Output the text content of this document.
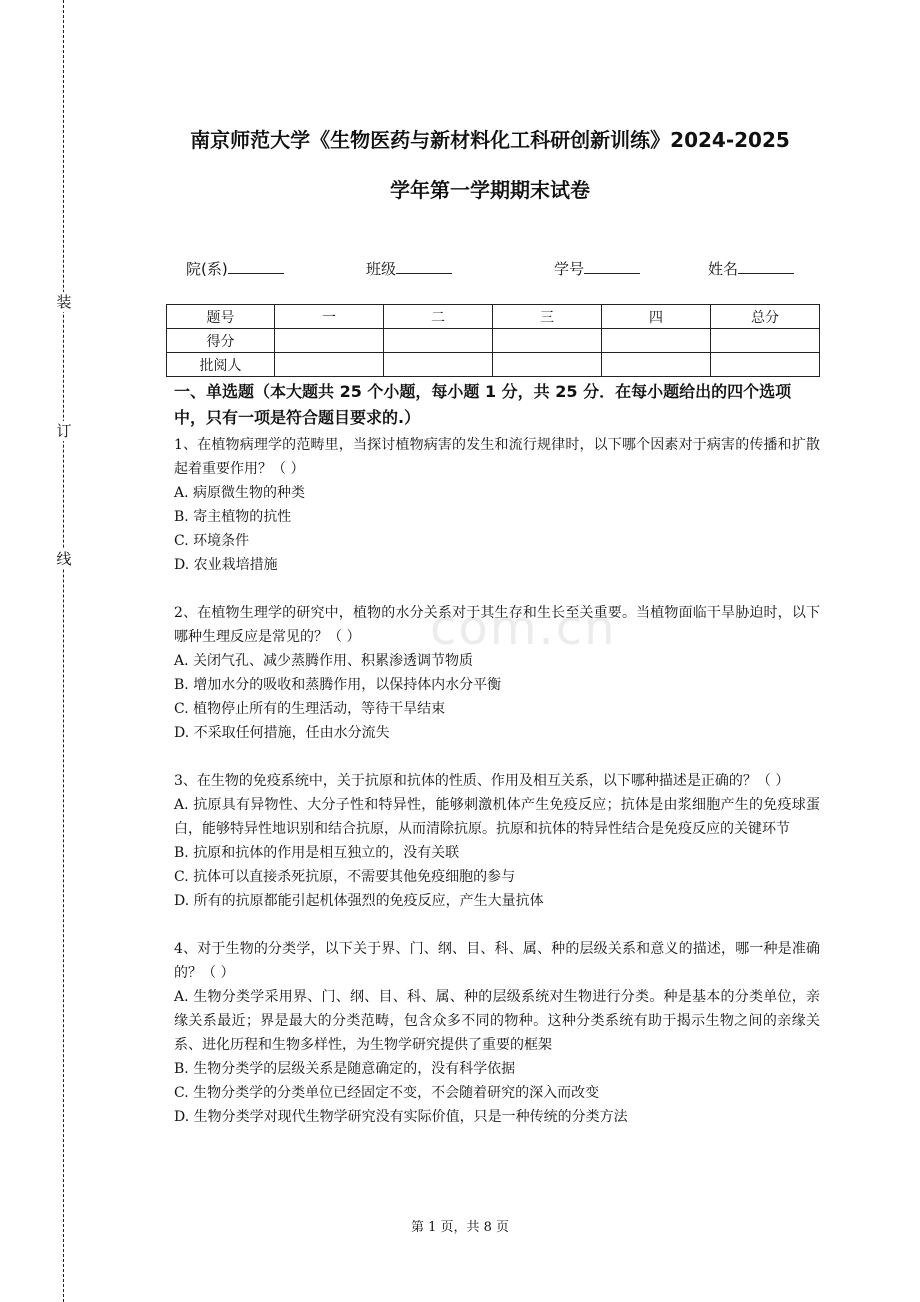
装
订
线
com.cn
南京师范大学《生物医药与新材料化工科研创新训练》2024-2025
学年第一学期期末试卷
院(系)	班级	学号	姓名
题号	一	二	三	四	总分
得分					
批阅人					

一、单选题（本大题共 25 个小题，每小题 1 分，共 25 分．在每小题给出的四个选项中，只有一项是符合题目要求的.）

1、在植物病理学的范畴里，当探讨植物病害的发生和流行规律时，以下哪个因素对于病害的传播和扩散起着重要作用？（ ）

A. 病原微生物的种类

B. 寄主植物的抗性

C. 环境条件

D. 农业栽培措施

2、在植物生理学的研究中，植物的水分关系对于其生存和生长至关重要。当植物面临干旱胁迫时，以下哪种生理反应是常见的？（ ）

A. 关闭气孔、减少蒸腾作用、积累渗透调节物质

B. 增加水分的吸收和蒸腾作用，以保持体内水分平衡

C. 植物停止所有的生理活动，等待干旱结束

D. 不采取任何措施，任由水分流失

3、在生物的免疫系统中，关于抗原和抗体的性质、作用及相互关系，以下哪种描述是正确的？（ ）

A. 抗原具有异物性、大分子性和特异性，能够刺激机体产生免疫反应；抗体是由浆细胞产生的免疫球蛋白，能够特异性地识别和结合抗原，从而清除抗原。抗原和抗体的特异性结合是免疫反应的关键环节

B. 抗原和抗体的作用是相互独立的，没有关联

C. 抗体可以直接杀死抗原，不需要其他免疫细胞的参与

D. 所有的抗原都能引起机体强烈的免疫反应，产生大量抗体

4、对于生物的分类学，以下关于界、门、纲、目、科、属、种的层级关系和意义的描述，哪一种是准确的？（ ）

A. 生物分类学采用界、门、纲、目、科、属、种的层级系统对生物进行分类。种是基本的分类单位，亲缘关系最近；界是最大的分类范畴，包含众多不同的物种。这种分类系统有助于揭示生物之间的亲缘关系、进化历程和生物多样性，为生物学研究提供了重要的框架

B. 生物分类学的层级关系是随意确定的，没有科学依据

C. 生物分类学的分类单位已经固定不变，不会随着研究的深入而改变

D. 生物分类学对现代生物学研究没有实际价值，只是一种传统的分类方法

第 1 页，共 8 页
